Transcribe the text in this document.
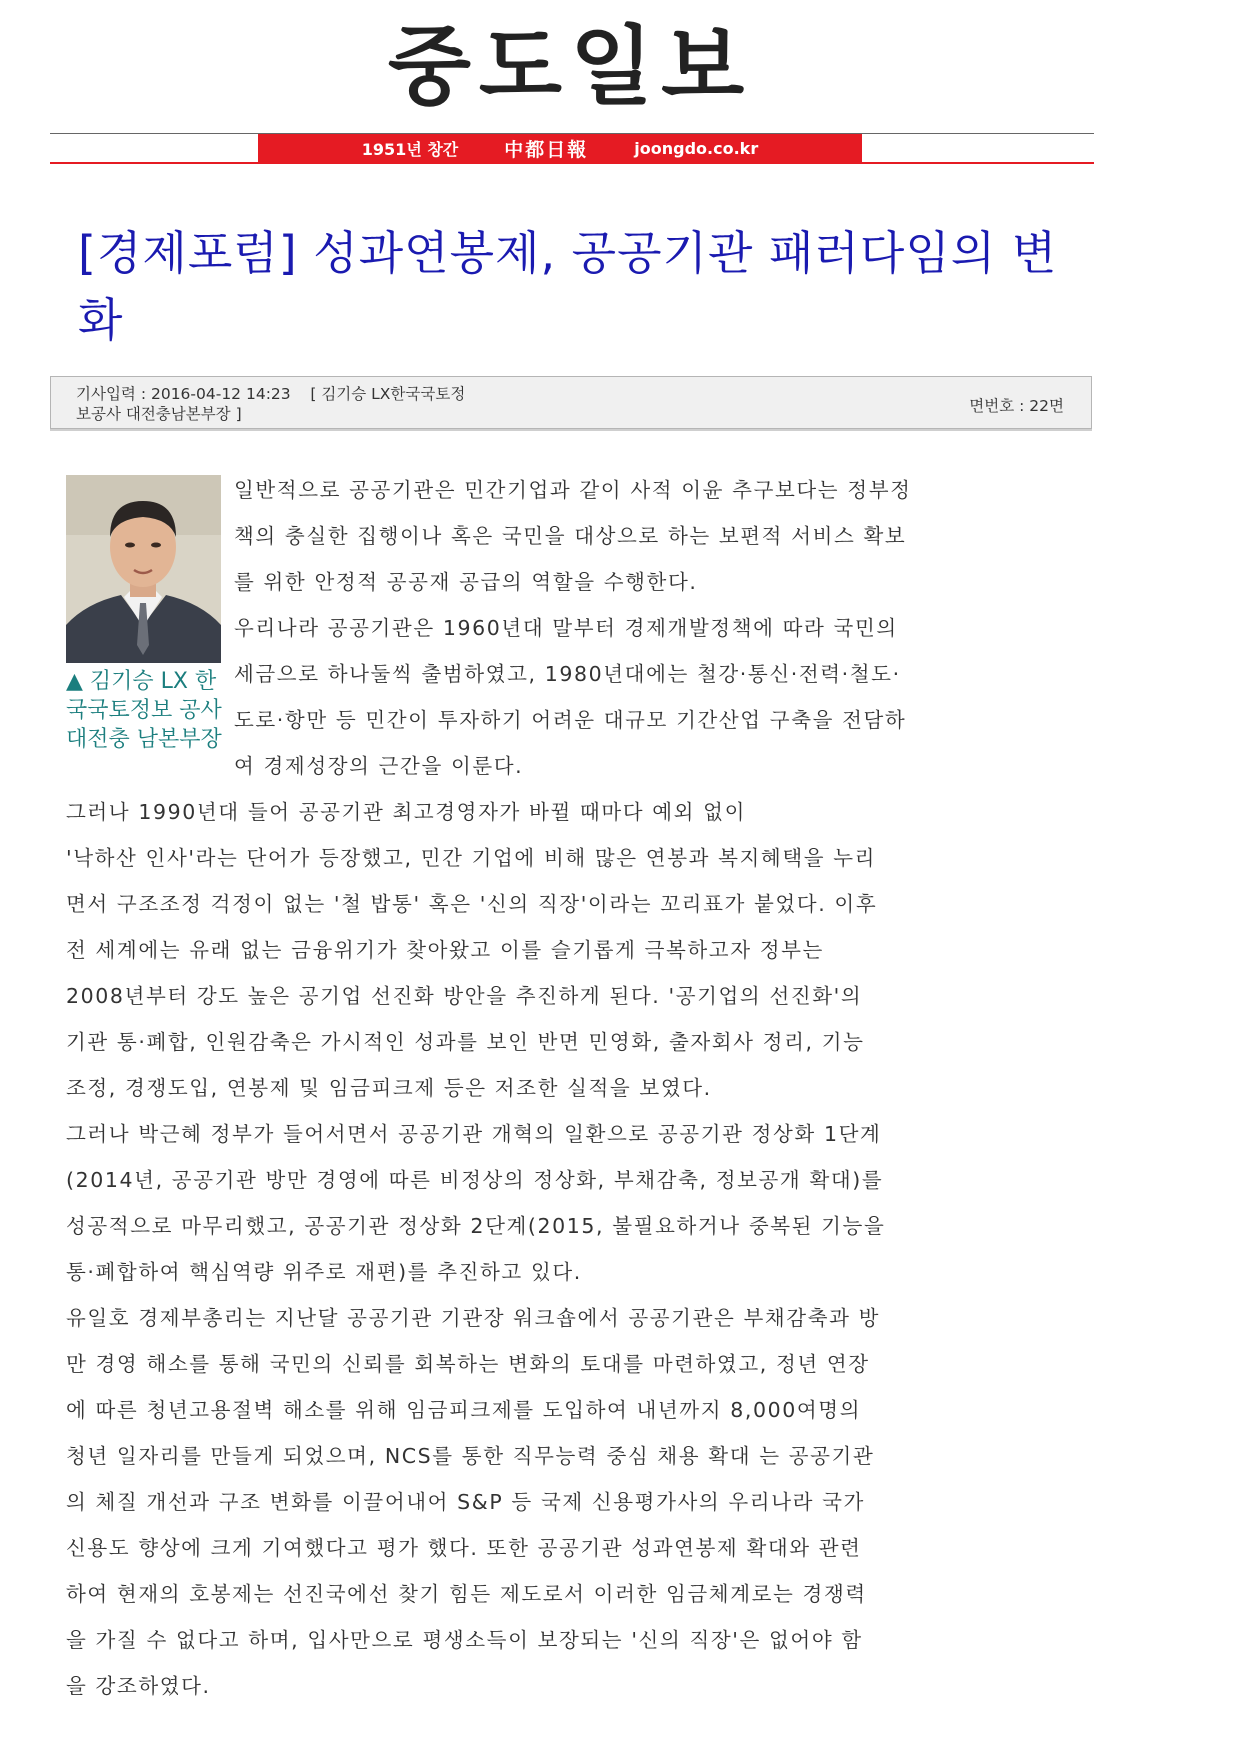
중도일보
1951년 창간 中都日報	joongdo.co.kr
[경제포럼] 성과연봉제, 공공기관 패러다임의 변화
기사입력 : 2016-04-12 14:23    [ 김기승 LX한국국토정
보공사 대전충남본부장 ]	면번호 : 22면
▲ 김기승 LX 한국국토정보 공사 대전충 남본부장
일반적으로 공공기관은 민간기업과 같이 사적 이윤 추구보다는 정부정
책의 충실한 집행이나 혹은 국민을 대상으로 하는 보편적 서비스 확보
를 위한 안정적 공공재 공급의 역할을 수행한다.
우리나라 공공기관은 1960년대 말부터 경제개발정책에 따라 국민의
세금으로 하나둘씩 출범하였고, 1980년대에는 철강·통신·전력·철도·
도로·항만 등 민간이 투자하기 어려운 대규모 기간산업 구축을 전담하
여 경제성장의 근간을 이룬다.
그러나 1990년대 들어 공공기관 최고경영자가 바뀔 때마다 예외 없이
'낙하산 인사'라는 단어가 등장했고, 민간 기업에 비해 많은 연봉과 복지혜택을 누리
면서 구조조정 걱정이 없는 '철 밥통' 혹은 '신의 직장'이라는 꼬리표가 붙었다. 이후
전 세계에는 유래 없는 금융위기가 찾아왔고 이를 슬기롭게 극복하고자 정부는
2008년부터 강도 높은 공기업 선진화 방안을 추진하게 된다. '공기업의 선진화'의
기관 통·폐합, 인원감축은 가시적인 성과를 보인 반면 민영화, 출자회사 정리, 기능
조정, 경쟁도입, 연봉제 및 임금피크제 등은 저조한 실적을 보였다.
그러나 박근혜 정부가 들어서면서 공공기관 개혁의 일환으로 공공기관 정상화 1단계
(2014년, 공공기관 방만 경영에 따른 비정상의 정상화, 부채감축, 정보공개 확대)를
성공적으로 마무리했고, 공공기관 정상화 2단계(2015, 불필요하거나 중복된 기능을
통·폐합하여 핵심역량 위주로 재편)를 추진하고 있다.
유일호 경제부총리는 지난달 공공기관 기관장 워크숍에서 공공기관은 부채감축과 방
만 경영 해소를 통해 국민의 신뢰를 회복하는 변화의 토대를 마련하였고, 정년 연장
에 따른 청년고용절벽 해소를 위해 임금피크제를 도입하여 내년까지 8,000여명의
청년 일자리를 만들게 되었으며, NCS를 통한 직무능력 중심 채용 확대 는 공공기관
의 체질 개선과 구조 변화를 이끌어내어 S&P 등 국제 신용평가사의 우리나라 국가
신용도 향상에 크게 기여했다고 평가 했다. 또한 공공기관 성과연봉제 확대와 관련
하여 현재의 호봉제는 선진국에선 찾기 힘든 제도로서 이러한 임금체계로는 경쟁력
을 가질 수 없다고 하며, 입사만으로 평생소득이 보장되는 '신의 직장'은 없어야 함
을 강조하였다.
